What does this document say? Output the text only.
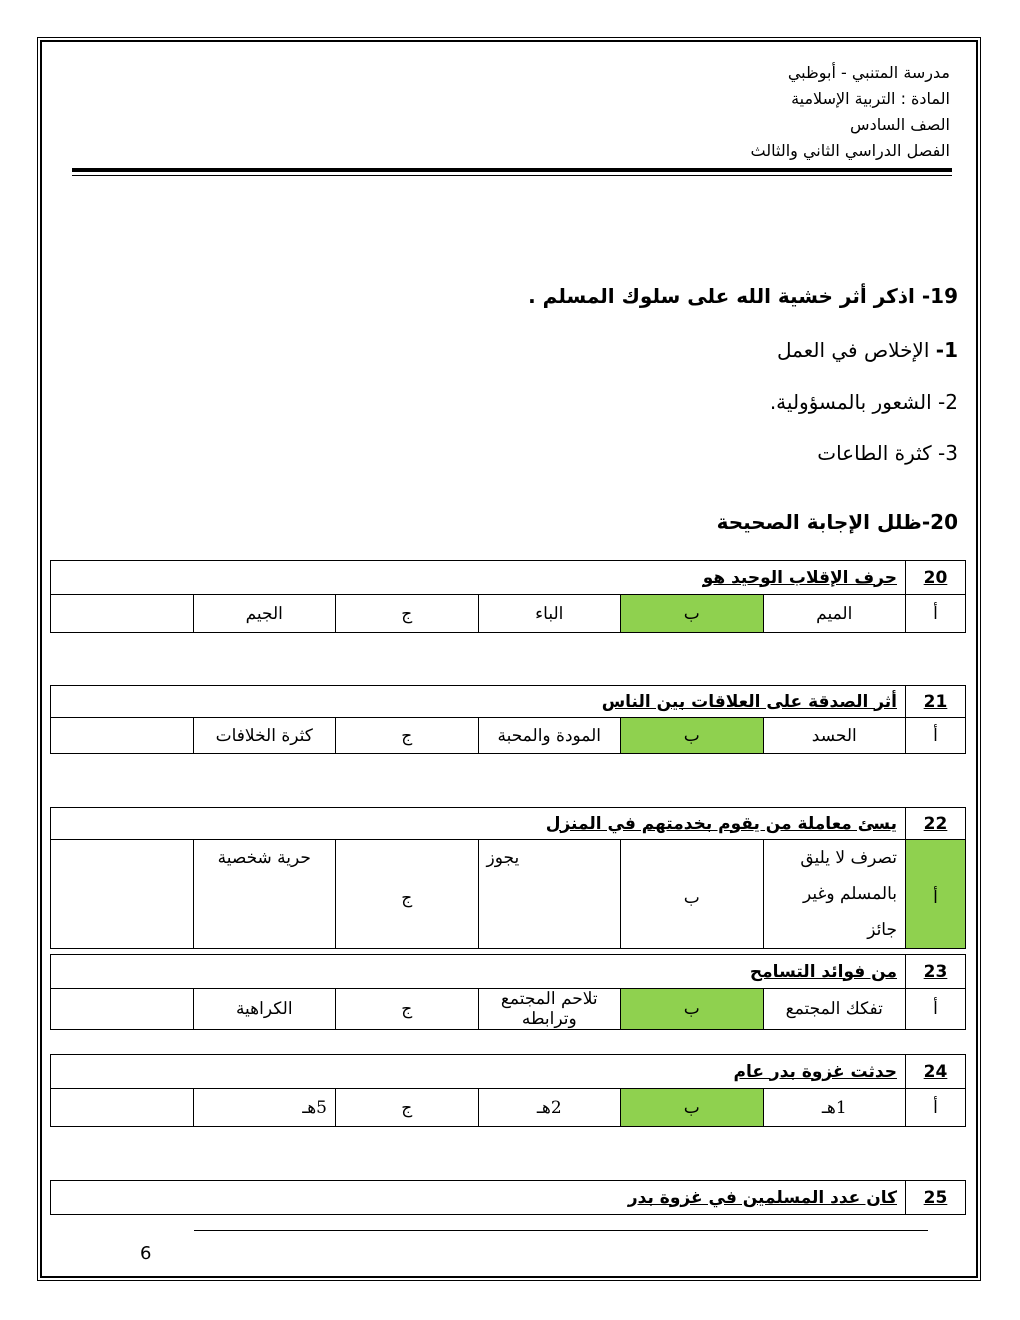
مدرسة المتنبي - أبوظبي
المادة : التربية الإسلامية
الصف السادس
الفصل الدراسي الثاني والثالث
19- اذكر أثر خشية الله على سلوك المسلم .
1- الإخلاص في العمل
2- الشعور بالمسؤولية.
3- كثرة الطاعات
20-ظلل الإجابة الصحيحة
20	حرف الإقلاب الوحيد هو					
أ	الميم	ب	الباء	ج	الجيم	
21	أثر الصدقة على العلاقات بين الناس					
أ	الحسد	ب	المودة والمحبة	ج	كثرة الخلافات	
22	يسئ معاملة من يقوم بخدمتهم في المنزل					
أ	تصرف لا يليق بالمسلم وغير جائز	ب	يجوز	ج	حرية شخصية	
23	من فوائد التسامح					
أ	تفكك المجتمع	ب	تلاحم المجتمع وترابطه	ج	الكراهية	
24	حدثت غزوة بدر عام					
أ	1هـ	ب	2هـ	ج	5هـ	
25	كان عدد المسلمين في غزوة بدر
6
